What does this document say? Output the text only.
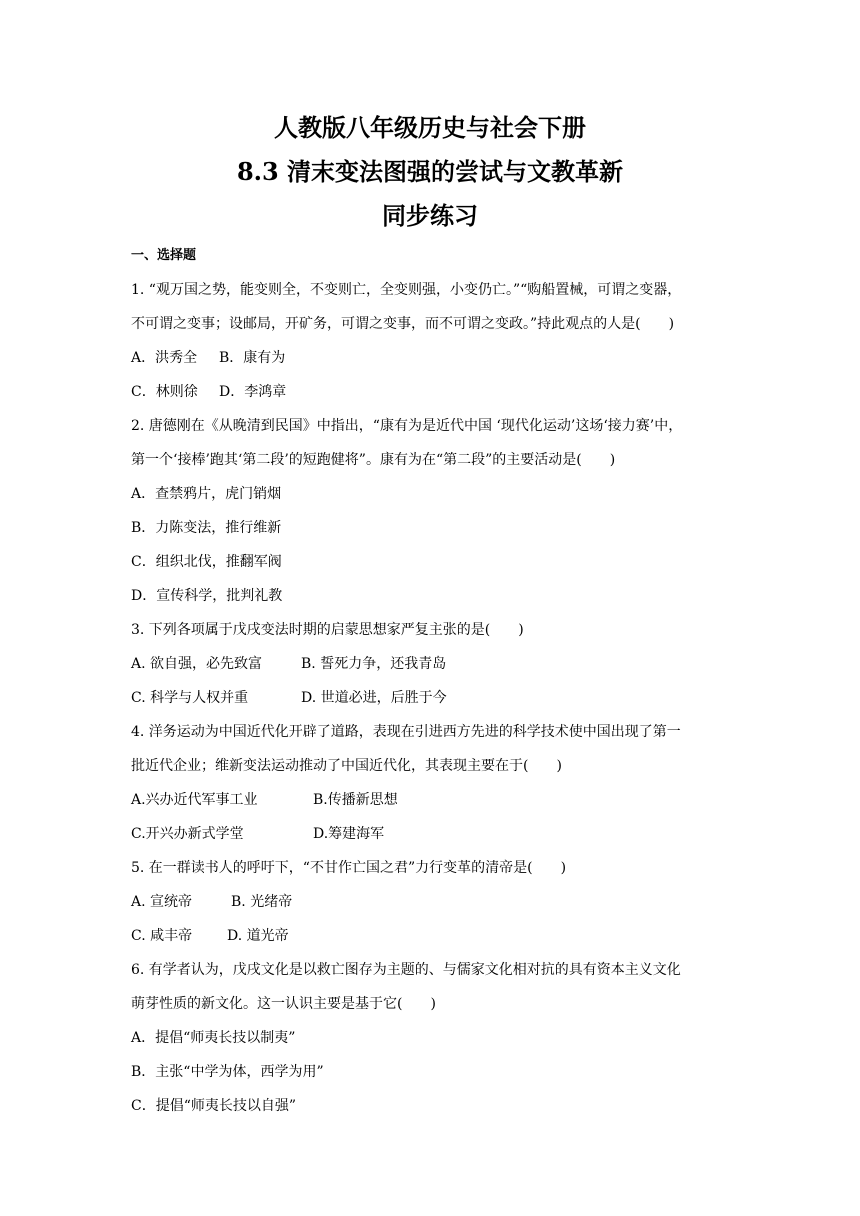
人教版八年级历史与社会下册
8.3 清末变法图强的尝试与文教革新
同步练习
一、选择题
1. “观万国之势，能变则全，不变则亡，全变则强，小变仍亡。”“购船置械，可谓之变器，
不可谓之变事；设邮局，开矿务，可谓之变事，而不可谓之变政。”持此观点的人是(　　)
A．洪秀全 B．康有为
C．林则徐 D．李鸿章
2. 唐德刚在《从晚清到民国》中指出，“康有为是近代中国 ‘现代化运动’这场‘接力赛’中，
第一个‘接棒’跑其‘第二段’的短跑健将”。康有为在“第二段”的主要活动是(　　)
A．查禁鸦片，虎门销烟
B．力陈变法，推行维新
C．组织北伐，推翻军阀
D．宣传科学，批判礼教
3. 下列各项属于戊戌变法时期的启蒙思想家严复主张的是(　　)
A. 欲自强，必先致富	B. 誓死力争，还我青岛
C. 科学与人权并重	D. 世道必进，后胜于今
4. 洋务运动为中国近代化开辟了道路，表现在引进西方先进的科学技术使中国出现了第一
批近代企业；维新变法运动推动了中国近代化，其表现主要在于(　　)
A.兴办近代军事工业	B.传播新思想
C.开兴办新式学堂	D.筹建海军
5. 在一群读书人的呼吁下，“不甘作亡国之君”力行变革的清帝是(　　)
A. 宣统帝	B. 光绪帝
C. 咸丰帝 D. 道光帝
6. 有学者认为，戊戌文化是以救亡图存为主题的、与儒家文化相对抗的具有资本主义文化
萌芽性质的新文化。这一认识主要是基于它(　　)
A．提倡“师夷长技以制夷”
B．主张“中学为体，西学为用”
C．提倡“师夷长技以自强”
